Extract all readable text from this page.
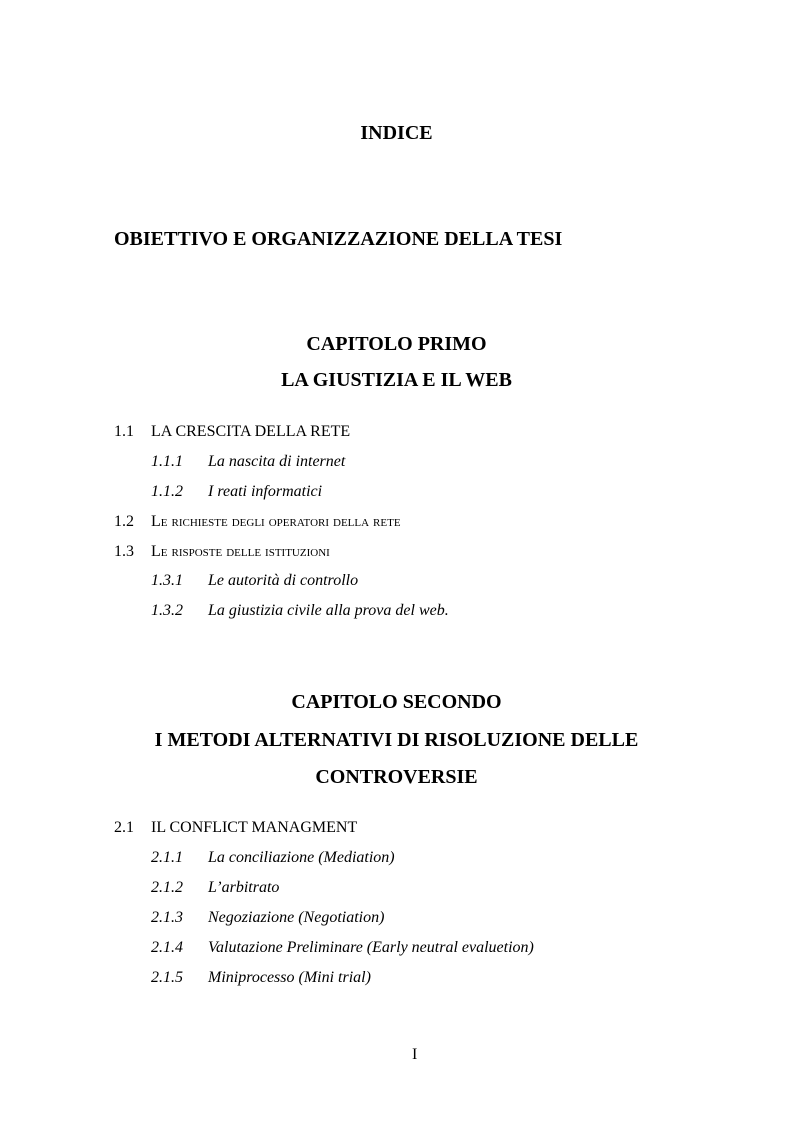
INDICE
OBIETTIVO E ORGANIZZAZIONE DELLA TESI
CAPITOLO PRIMO
LA GIUSTIZIA E IL WEB
1.1 LA CRESCITA DELLA RETE
1.1.1 La nascita di internet
1.1.2 I reati informatici
1.2 Le richieste degli operatori della rete
1.3 Le risposte delle istituzioni
1.3.1 Le autorità di controllo
1.3.2 La giustizia civile alla prova del web.
CAPITOLO SECONDO
I METODI ALTERNATIVI DI RISOLUZIONE DELLE
CONTROVERSIE
2.1 IL CONFLICT MANAGMENT
2.1.1 La conciliazione (Mediation)
2.1.2 L’arbitrato
2.1.3 Negoziazione (Negotiation)
2.1.4 Valutazione Preliminare (Early neutral evaluetion)
2.1.5 Miniprocesso (Mini trial)
I
